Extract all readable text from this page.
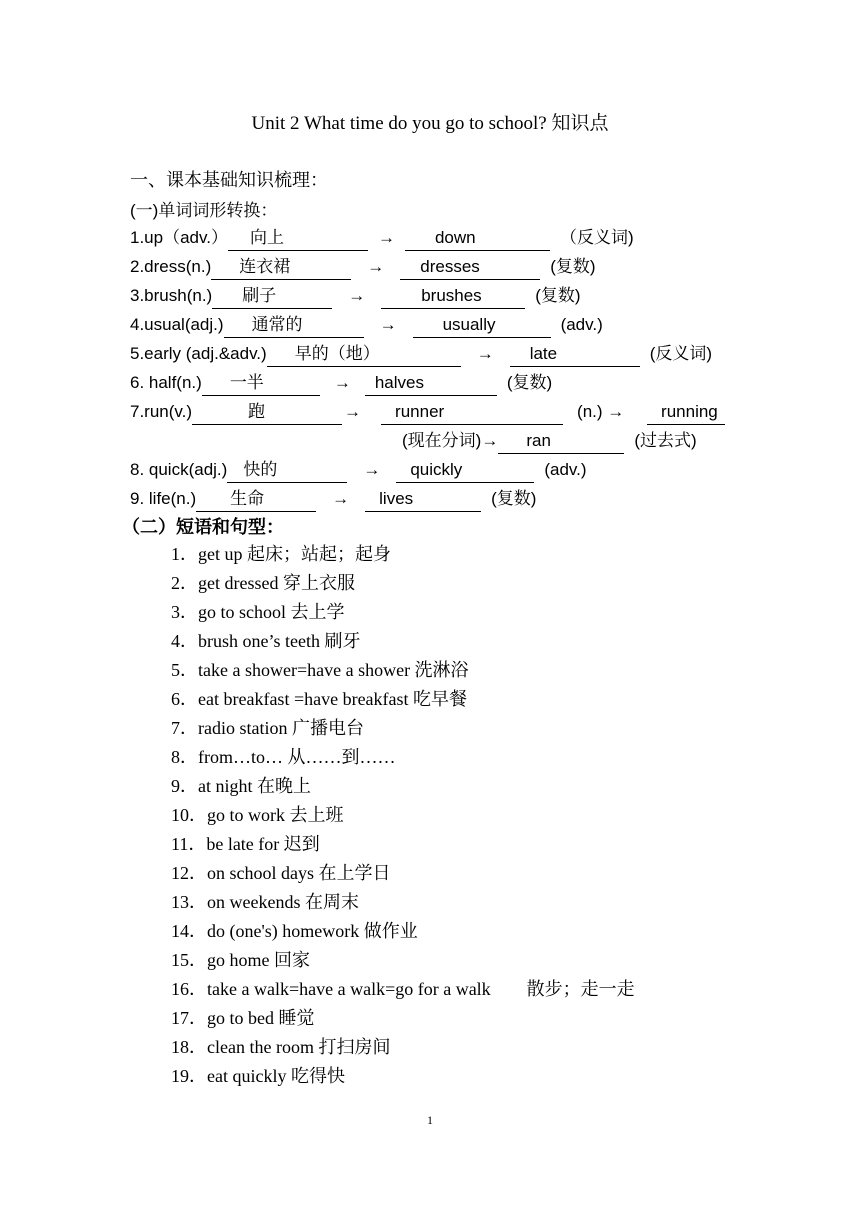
Unit 2 What time do you go to school? 知识点
一、课本基础知识梳理：
(一)单词词形转换：
1.up（adv.） 向上	→ down	（反义词)
2.dress(n.) 连衣裙	→ dresses	(复数)
3.brush(n.) 刷子	→	brushes	(复数)
4.usual(adj.) 通常的	→	usually	(adv.)
5.early (adj.&adv.) 早的（地）	→ late	(反义词)
6. half(n.) 一半	→ halves	(复数)
7.run(v.)	跑	→ runner	(n.) → running
(现在分词)→ ran	(过去式)
8. quick(adj.) 快的	→ quickly	(adv.)
9. life(n.) 生命	→ lives	(复数)
（二）短语和句型：
1．get up 起床；站起；起身
2．get dressed 穿上衣服
3．go to school 去上学
4．brush one’s teeth 刷牙
5．take a shower=have a shower 洗淋浴
6．eat breakfast =have breakfast 吃早餐
7．radio station 广播电台
8．from…to… 从……到……
9．at night 在晚上
10．go to work 去上班
11．be late for 迟到
12．on school days 在上学日
13．on weekends 在周末
14．do (one's) homework 做作业
15．go home 回家
16．take a walk=have a walk=go for a walk        散步；走一走
17．go to bed 睡觉
18．clean the room 打扫房间
19．eat quickly 吃得快
1
